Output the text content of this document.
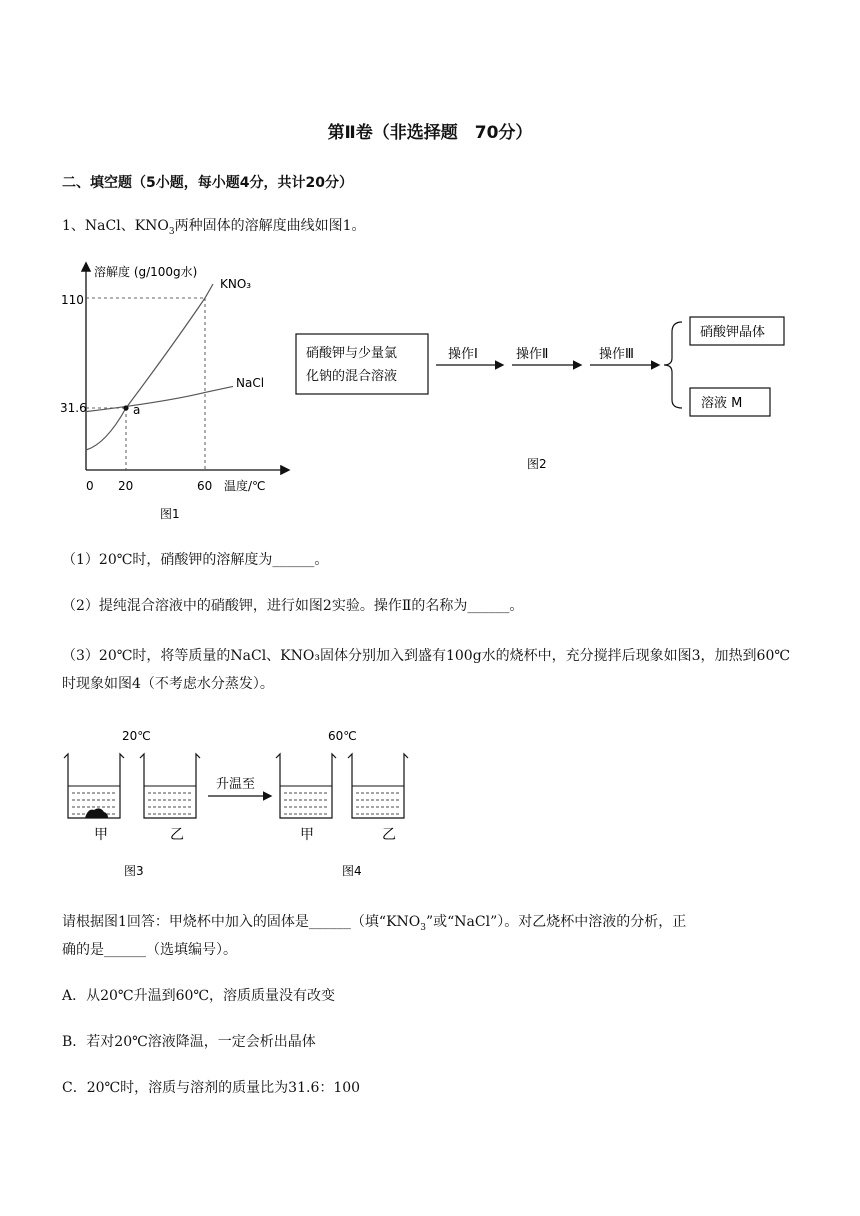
第Ⅱ卷（非选择题　70分）
二、填空题（5小题，每小题4分，共计20分）
1、NaCl、$KNO_3$两种固体的溶解度曲线如图1。
溶解度 (g/100g水)
KNO₃
NaCl
a
110
31.6
0 20	60 温度/℃
图1
硝酸钾与少量氯
化钠的混合溶液
操作Ⅰ	操作Ⅱ	操作Ⅲ
硝酸钾晶体
溶液 M
图2
（1）20℃时，硝酸钾的溶解度为______。
（2）提纯混合溶液中的硝酸钾，进行如图2实验。操作Ⅱ的名称为______。
（3）20℃时，将等质量的NaCl、KNO₃固体分别加入到盛有100g水的烧杯中，充分搅拌后现象如图3，加热到60℃时现象如图4（不考虑水分蒸发）。
20℃	60℃
升温至
甲	乙	甲	乙
图3	图4
请根据图1回答：甲烧杯中加入的固体是______（填“$KNO_3$”或“NaCl”）。对乙烧杯中溶液的分析，正
确的是______（选填编号）。
A．从20℃升温到60℃，溶质质量没有改变
B．若对20℃溶液降温，一定会析出晶体
C．20℃时，溶质与溶剂的质量比为31.6：100
